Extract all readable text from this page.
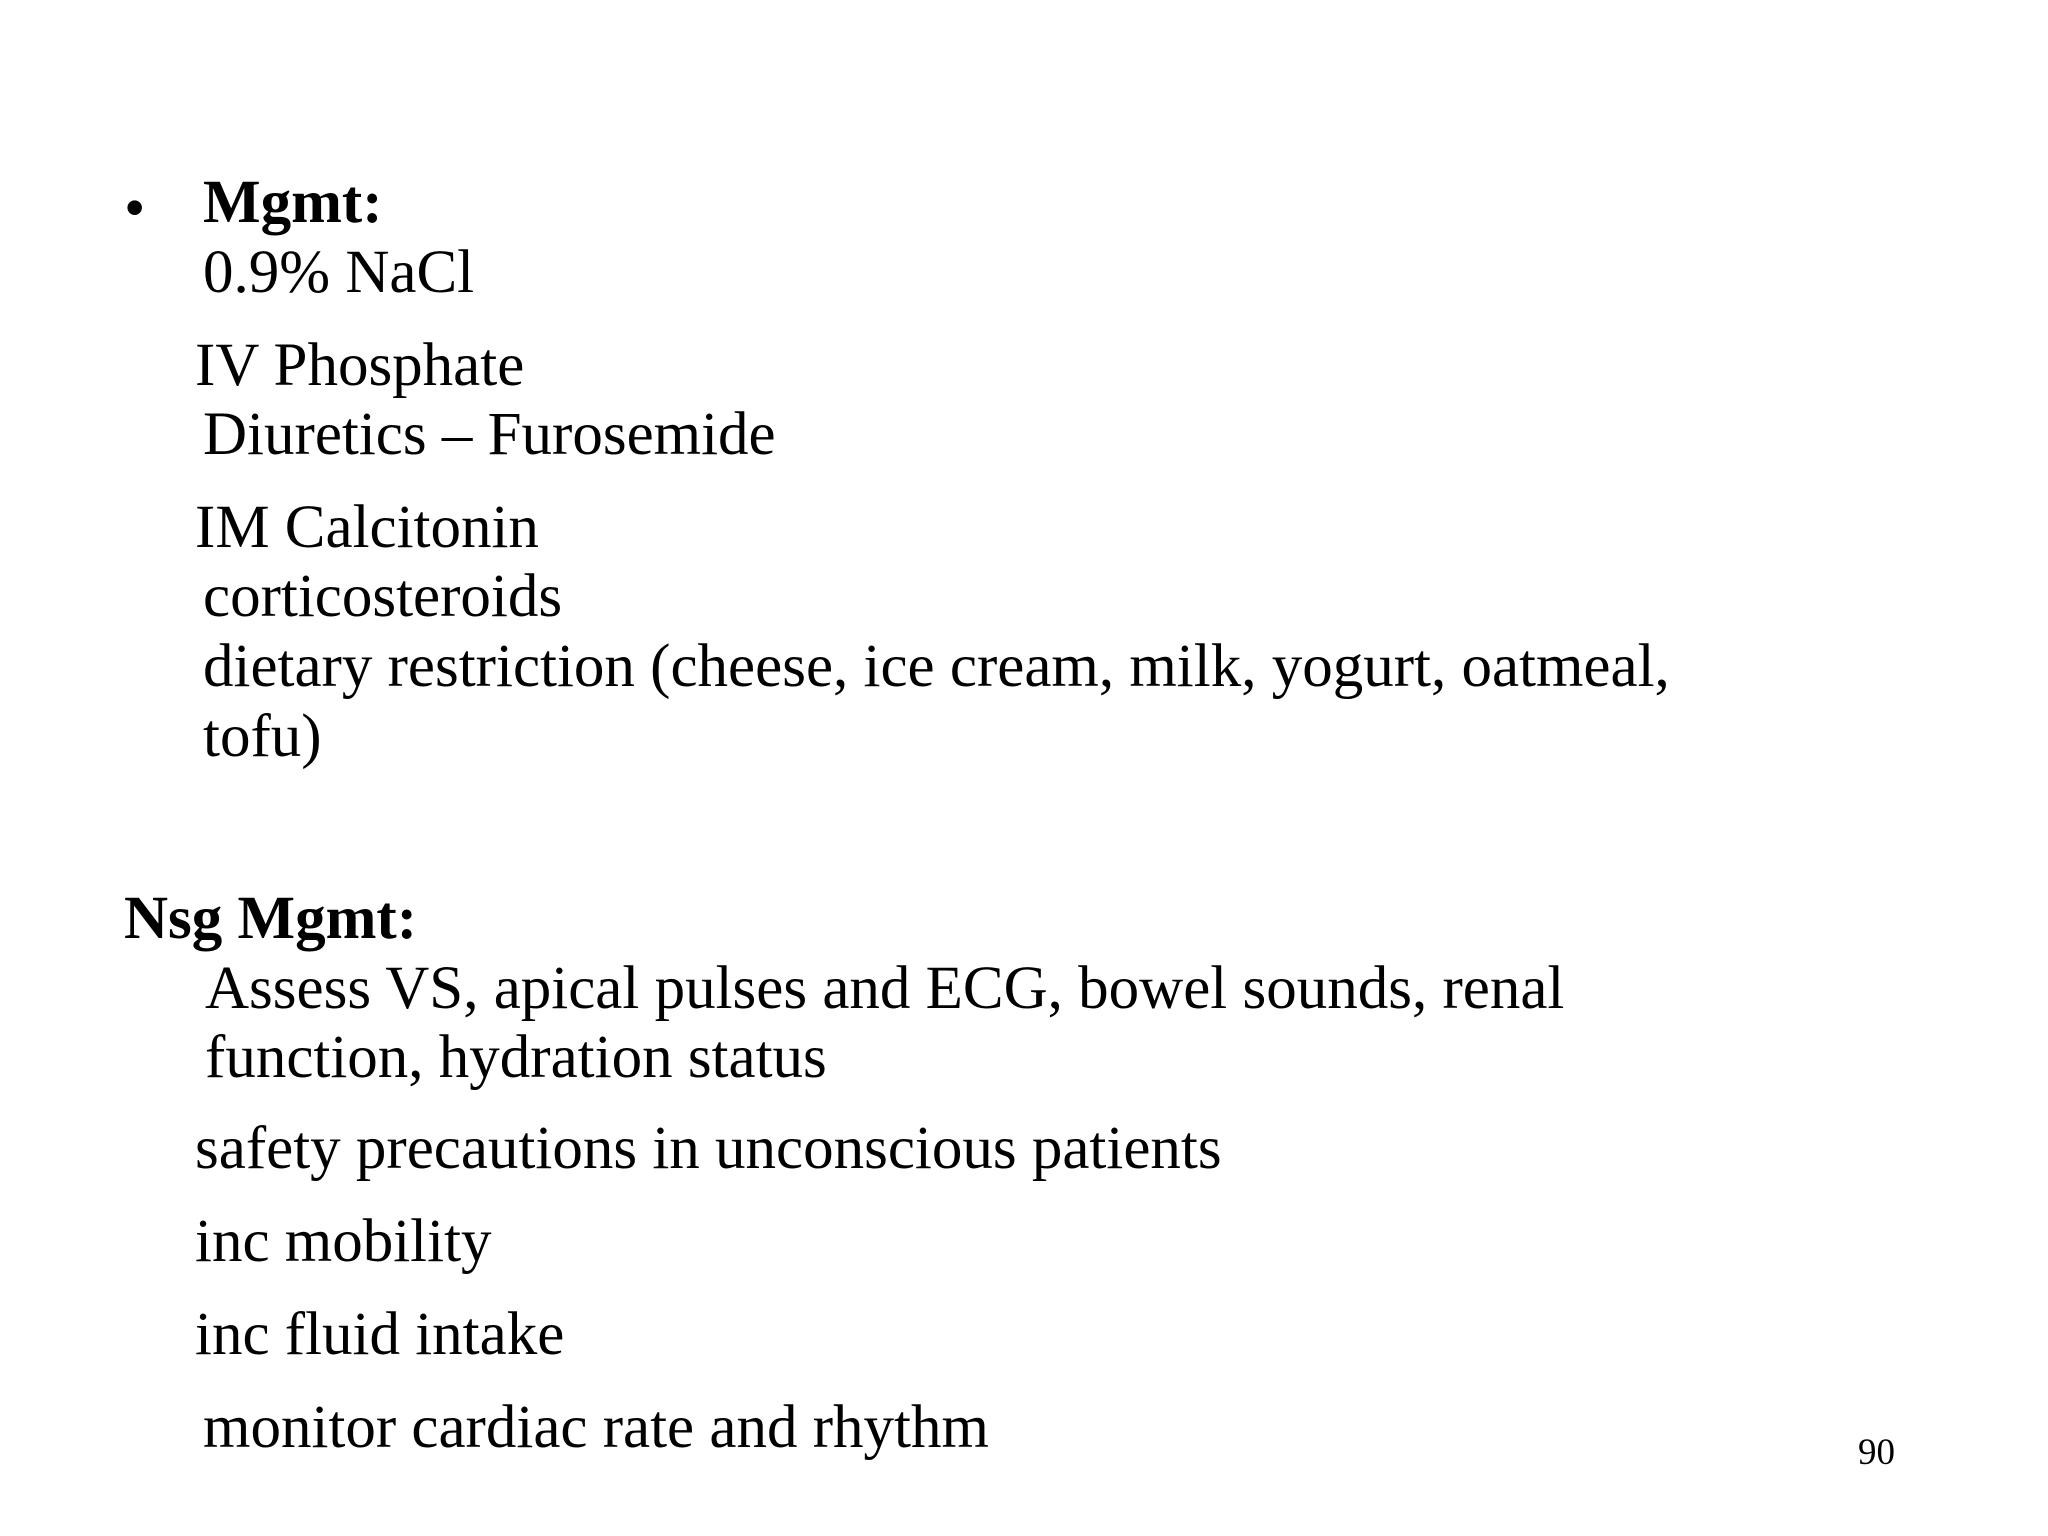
• Mgmt:
0.9% NaCl
IV Phosphate
Diuretics – Furosemide
IM Calcitonin
corticosteroids
dietary restriction (cheese, ice cream, milk, yogurt, oatmeal,
tofu)
Nsg Mgmt:
Assess VS, apical pulses and ECG, bowel sounds, renal
function, hydration status
safety precautions in unconscious patients
inc mobility
inc fluid intake
monitor cardiac rate and rhythm	90
